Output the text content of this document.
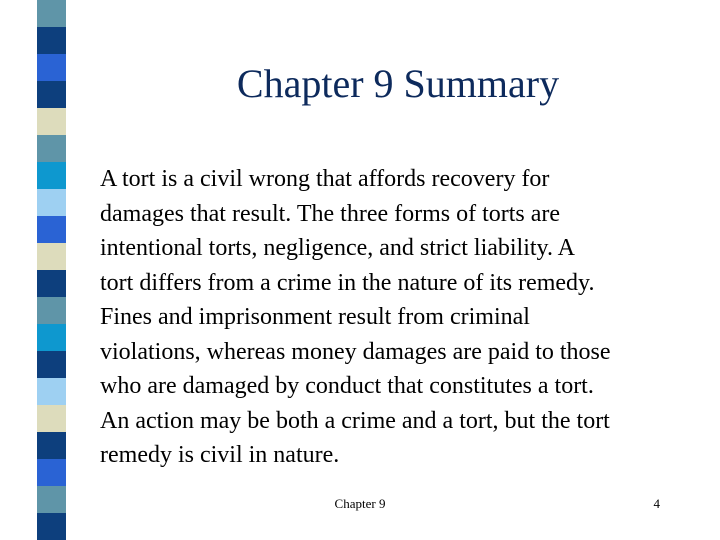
Chapter 9 Summary

A tort is a civil wrong that affords recovery for

damages that result. The three forms of torts are

intentional torts, negligence, and strict liability. A

tort differs from a crime in the nature of its remedy.

Fines and imprisonment result from criminal

violations, whereas money damages are paid to those

who are damaged by conduct that constitutes a tort.

An action may be both a crime and a tort, but the tort

remedy is civil in nature.

Chapter 9	4
